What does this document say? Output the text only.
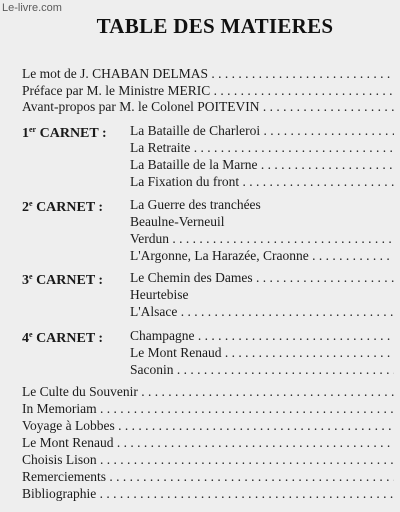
Le-livre.com
TABLE DES MATIERES
Le mot de J. CHABAN DELMAS . . .
Préface par M. le Ministre MERIC . . .
Avant-propos par M. le Colonel POITEVIN . . .
1er CARNET : La Bataille de Charleroi . . .
La Retraite . . .
La Bataille de la Marne . . .
La Fixation du front . . .
2e CARNET : La Guerre des tranchées
Beaulne-Verneuil
Verdun . . .
L'Argonne, La Harazée, Craonne . . .
3e CARNET : Le Chemin des Dames . . .
Heurtebise
L'Alsace . . .
4e CARNET : Champagne . . .
Le Mont Renaud . . .
Saconin . . .
Le Culte du Souvenir . . .
In Memoriam . . .
Voyage à Lobbes . . .
Le Mont Renaud . . .
Choisis Lison . . .
Remerciements . . .
Bibliographie . . .
